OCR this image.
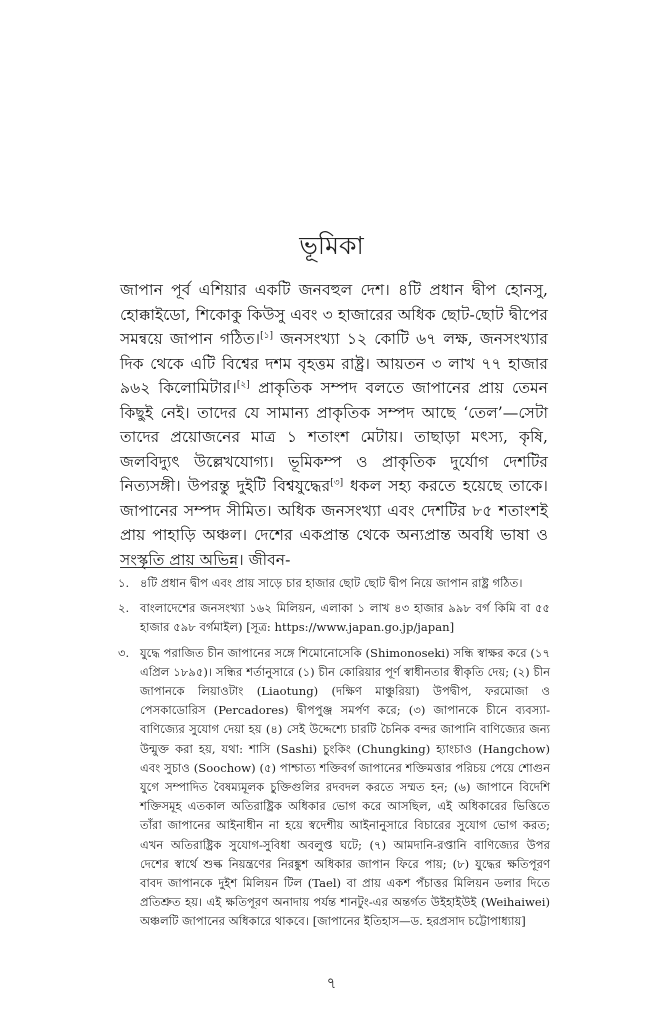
ভূমিকা

জাপান পূর্ব এশিয়ার একটি জনবহুল দেশ। ৪টি প্রধান দ্বীপ হোনসু, হোক্কাইডো, শিকোকু কিউসু এবং ৩ হাজারের অধিক ছোট-ছোট দ্বীপের সমন্বয়ে জাপান গঠিত।[১] জনসংখ্যা ১২ কোটি ৬৭ লক্ষ, জনসংখ্যার দিক থেকে এটি বিশ্বের দশম বৃহত্তম রাষ্ট্র। আয়তন ৩ লাখ ৭৭ হাজার ৯৬২ কিলোমিটার।[২] প্রাকৃতিক সম্পদ বলতে জাপানের প্রায় তেমন কিছুই নেই। তাদের যে সামান্য প্রাকৃতিক সম্পদ আছে ‘তেল’—সেটা তাদের প্রয়োজনের মাত্র ১ শতাংশ মেটায়। তাছাড়া মৎস্য, কৃষি, জলবিদ্যুৎ উল্লেখযোগ্য। ভূমিকম্প ও প্রাকৃতিক দুর্যোগ দেশটির নিত্যসঙ্গী। উপরন্তু দুইটি বিশ্বযুদ্ধের[৩] ধকল সহ্য করতে হয়েছে তাকে। জাপানের সম্পদ সীমিত। অধিক জনসংখ্যা এবং দেশটির ৮৫ শতাংশই প্রায় পাহাড়ি অঞ্চল। দেশের একপ্রান্ত থেকে অন্যপ্রান্ত অবধি ভাষা ও সংস্কৃতি প্রায় অভিন্ন। জীবন-

১. ৪টি প্রধান দ্বীপ এবং প্রায় সাড়ে চার হাজার ছোট ছোট দ্বীপ নিয়ে জাপান রাষ্ট্র গঠিত।
২. বাংলাদেশের জনসংখ্যা ১৬২ মিলিয়ন, এলাকা ১ লাখ ৪৩ হাজার ৯৯৮ বর্গ কিমি বা ৫৫ হাজার ৫৯৮ বর্গমাইল) [সূত্র: https://www.japan.go.jp/japan]
৩. যুদ্ধে পরাজিত চীন জাপানের সঙ্গে শিমোনোসেকি (Shimonoseki) সন্ধি স্বাক্ষর করে (১৭ এপ্রিল ১৮৯৫)। সন্ধির শর্তানুসারে (১) চীন কোরিয়ার পূর্ণ স্বাধীনতার স্বীকৃতি দেয়; (২) চীন জাপানকে লিয়াওটাং (Liaotung) (দক্ষিণ মাঞ্চুরিয়া) উপদ্বীপ, ফরমোজা ও পেসকাডোরিস (Percadores) দ্বীপপুঞ্জ সমর্পণ করে; (৩) জাপানকে চীনে ব্যবস্যা-বাণিজ্যের সুযোগ দেয়া হয় (৪) সেই উদ্দেশ্যে চারটি চৈনিক বন্দর জাপানি বাণিজ্যের জন্য উন্মুক্ত করা হয়, যথা: শাসি (Sashi) চুংকিং (Chungking) হ্যাংচাও (Hangchow) এবং সুচাও (Soochow) (৫) পাশ্চাত্য শক্তিবর্গ জাপানের শক্তিমত্তার পরিচয় পেয়ে শোগুন যুগে সম্পাদিত বৈষম্যমূলক চুক্তিগুলির রদবদল করতে সম্মত হন; (৬) জাপানে বিদেশি শক্তিসমূহ এতকাল অতিরাষ্ট্রিক অধিকার ভোগ করে আসছিল, এই অধিকারের ভিত্তিতে তাঁরা জাপানের আইনাধীন না হয়ে স্বদেশীয় আইনানুসারে বিচারের সুযোগ ভোগ করত; এখন অতিরাষ্ট্রিক সুযোগ-সুবিধা অবলুপ্ত ঘটে; (৭) আমদানি-রপ্তানি বাণিজ্যের উপর দেশের স্বার্থে শুল্ক নিয়ন্ত্রণের নিরঙ্কুশ অধিকার জাপান ফিরে পায়; (৮) যুদ্ধের ক্ষতিপূরণ বাবদ জাপানকে দুইশ মিলিয়ন টিল (Tael) বা প্রায় একশ পঁচাত্তর মিলিয়ন ডলার দিতে প্রতিশ্রুত হয়। এই ক্ষতিপূরণ অনাদায় পর্যন্ত শানটুং-এর অন্তর্গত উইহাইউই (Weihaiwei) অঞ্চলটি জাপানের অধিকারে থাকবে। [জাপানের ইতিহাস—ড. হরপ্রসাদ চট্টোপাধ্যায়]
৭
